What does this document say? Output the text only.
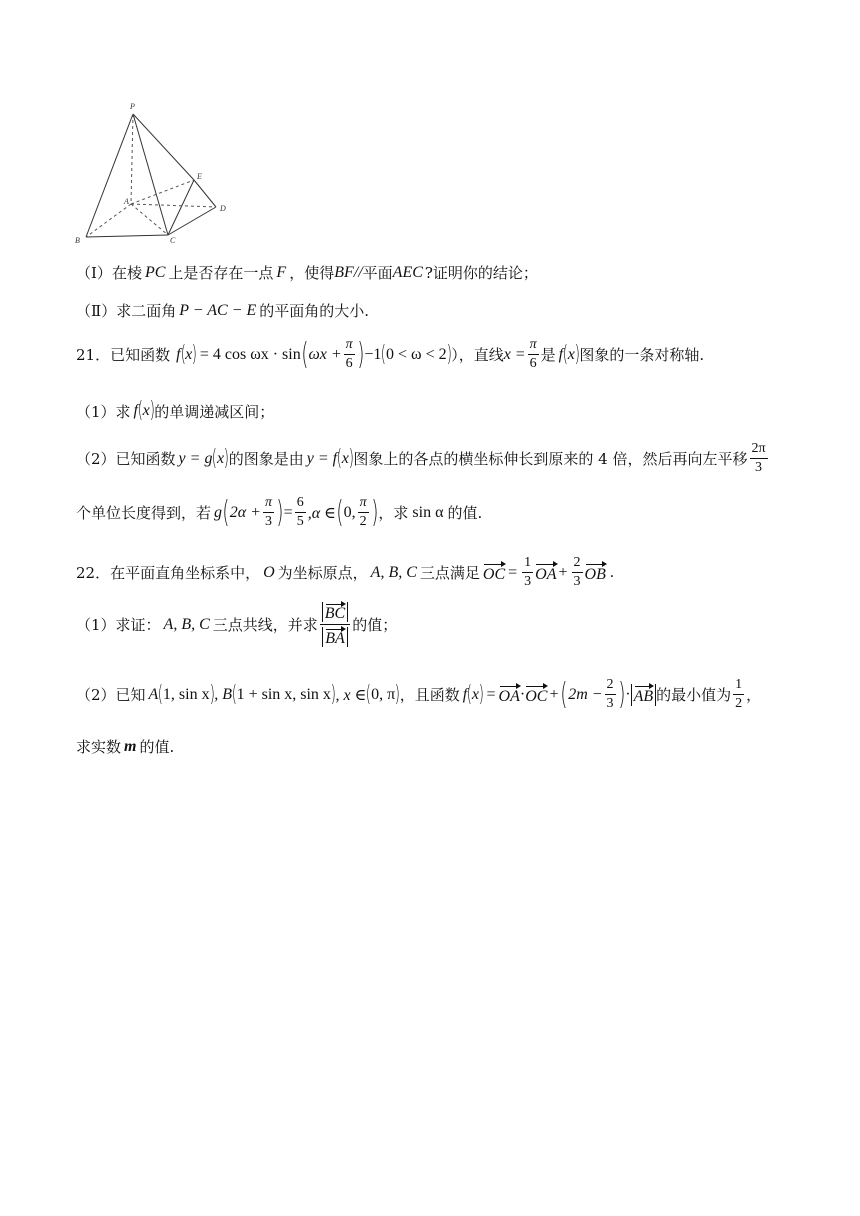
P
E
A
D
B	C
（Ⅰ） 在棱 PC 上是否存在一点 F ，使得 BF// 平面 AEC ?证明你的结论；
（Ⅱ） 求二面角 P − AC − E 的平面角的大小.
21．已知函数 f ( x ) = 4 cos ωx · sin ( $\omega x + \frac{\pi}{6}$ ) −1 ( 0 < ω < 2 ) ），直线 $x = \frac{\pi}{6}$ 是 f ( x ) 图象的一条对称轴.
（1）求 f ( x ) 的单调递减区间；
（2）已知函数 y = g ( x ) 的图象是由 y = f ( x ) 图象上的各点的横坐标伸长到原来的 4 倍，然后再向左平移 $\frac{2\pi}{3}$
个单位长度得到，若 g ( $2\alpha + \frac{\pi}{3}$ ) = $\frac{6}{5} ,\alpha$ ∈ ( 0, $\frac{\pi}{2}$ ) ，求 sin α 的值.
22．在平面直角坐标系中， O 为坐标原点， A, B, C 三点满足 OC = $\frac{1}{3}$ OA + $\frac{2}{3}$ OB .
（1）求证： A, B, C 三点共线，并求 $\frac{BC}{BA}$ 的值；
（2）已知 A ( 1, sin x ) , B ( 1 + sin x, sin x ) , x ∈ ( 0, π ) ，且函数 f ( x ) = OA · OC + ( $2m - \frac{2}{3}$ ) · AB 的最小值为 $\frac{1}{2}$ ，
求实数 m 的值.
